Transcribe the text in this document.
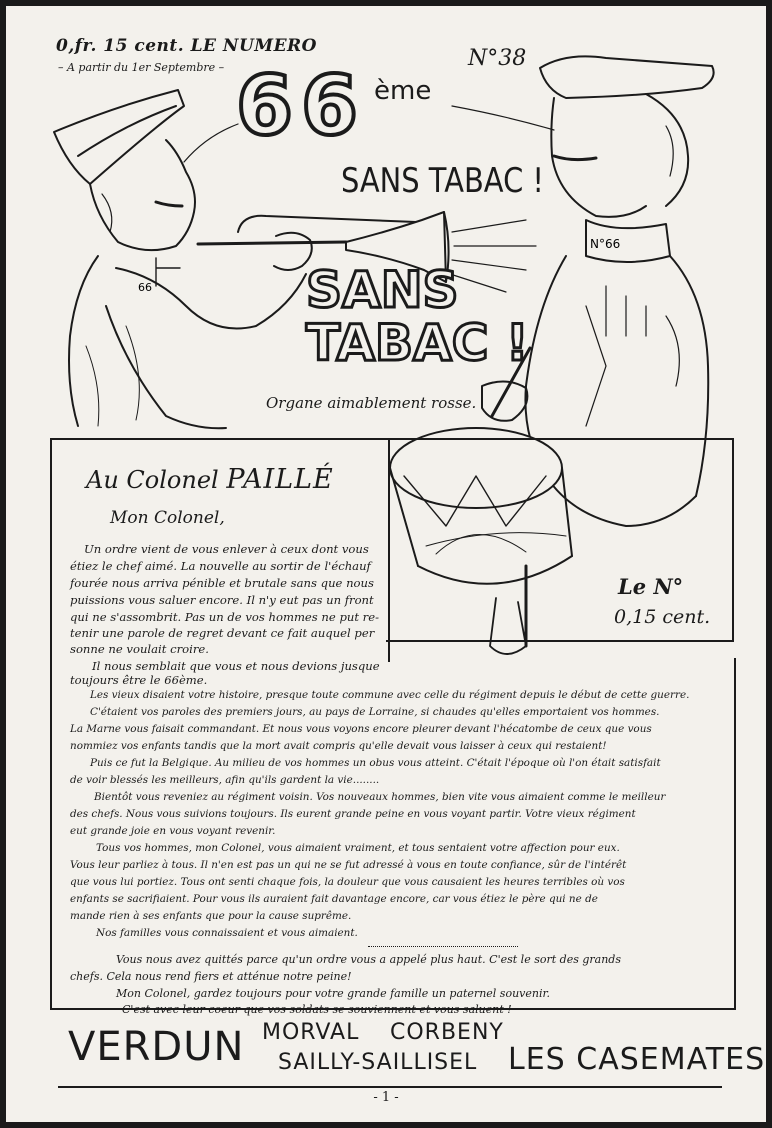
0,fr. 15 cent. LE NUMERO
– A partir du 1er Septembre –	N°38
66
N°66
66 ème
SANS TABAC !
SANS
TABAC !
Organe aimablement rosse.
Le N°
0,15 cent.
Au Colonel PAILLÉ
Mon Colonel,
Un ordre vient de vous enlever à ceux dont vous
étiez le chef aimé. La nouvelle au sortir de l'échauf
fourée nous arriva pénible et brutale sans que nous
puissions vous saluer encore. Il n'y eut pas un front
qui ne s'assombrit. Pas un de vos hommes ne put re-
tenir une parole de regret devant ce fait auquel per
sonne ne voulait croire.
Il nous semblait que vous et nous devions jusque
toujours être le 66ème.
Les vieux disaient votre histoire, presque toute commune avec celle du régiment depuis le début de cette guerre.
C'étaient vos paroles des premiers jours, au pays de Lorraine, si chaudes qu'elles emportaient vos hommes.
La Marne vous faisait commandant. Et nous vous voyons encore pleurer devant l'hécatombe de ceux que vous
nommiez vos enfants tandis que la mort avait compris qu'elle devait vous laisser à ceux qui restaient!
Puis ce fut la Belgique. Au milieu de vos hommes un obus vous atteint. C'était l'époque où l'on était satisfait
de voir blessés les meilleurs, afin qu'ils gardent la vie........
Bientôt vous reveniez au régiment voisin. Vos nouveaux hommes, bien vite vous aimaient comme le meilleur
des chefs. Nous vous suivions toujours. Ils eurent grande peine en vous voyant partir. Votre vieux régiment
eut grande joie en vous voyant revenir.
Tous vos hommes, mon Colonel, vous aimaient vraiment, et tous sentaient votre affection pour eux.
Vous leur parliez à tous. Il n'en est pas un qui ne se fut adressé à vous en toute confiance, sûr de l'intérêt
que vous lui portiez. Tous ont senti chaque fois, la douleur que vous causaient les heures terribles où vos
enfants se sacrifiaient. Pour vous ils auraient fait davantage encore, car vous étiez le père qui ne de
mande rien à ses enfants que pour la cause suprême.
Nos familles vous connaissaient et vous aimaient.
Vous nous avez quittés parce qu'un ordre vous a appelé plus haut. C'est le sort des grands
chefs. Cela nous rend fiers et atténue notre peine!
Mon Colonel, gardez toujours pour votre grande famille un paternel souvenir.
C'est avec leur coeur que vos soldats se souviennent et vous saluent !
VERDUN MORVAL CORBENY
SAILLY-SAILLISEL LES CASEMATES
- 1 -
